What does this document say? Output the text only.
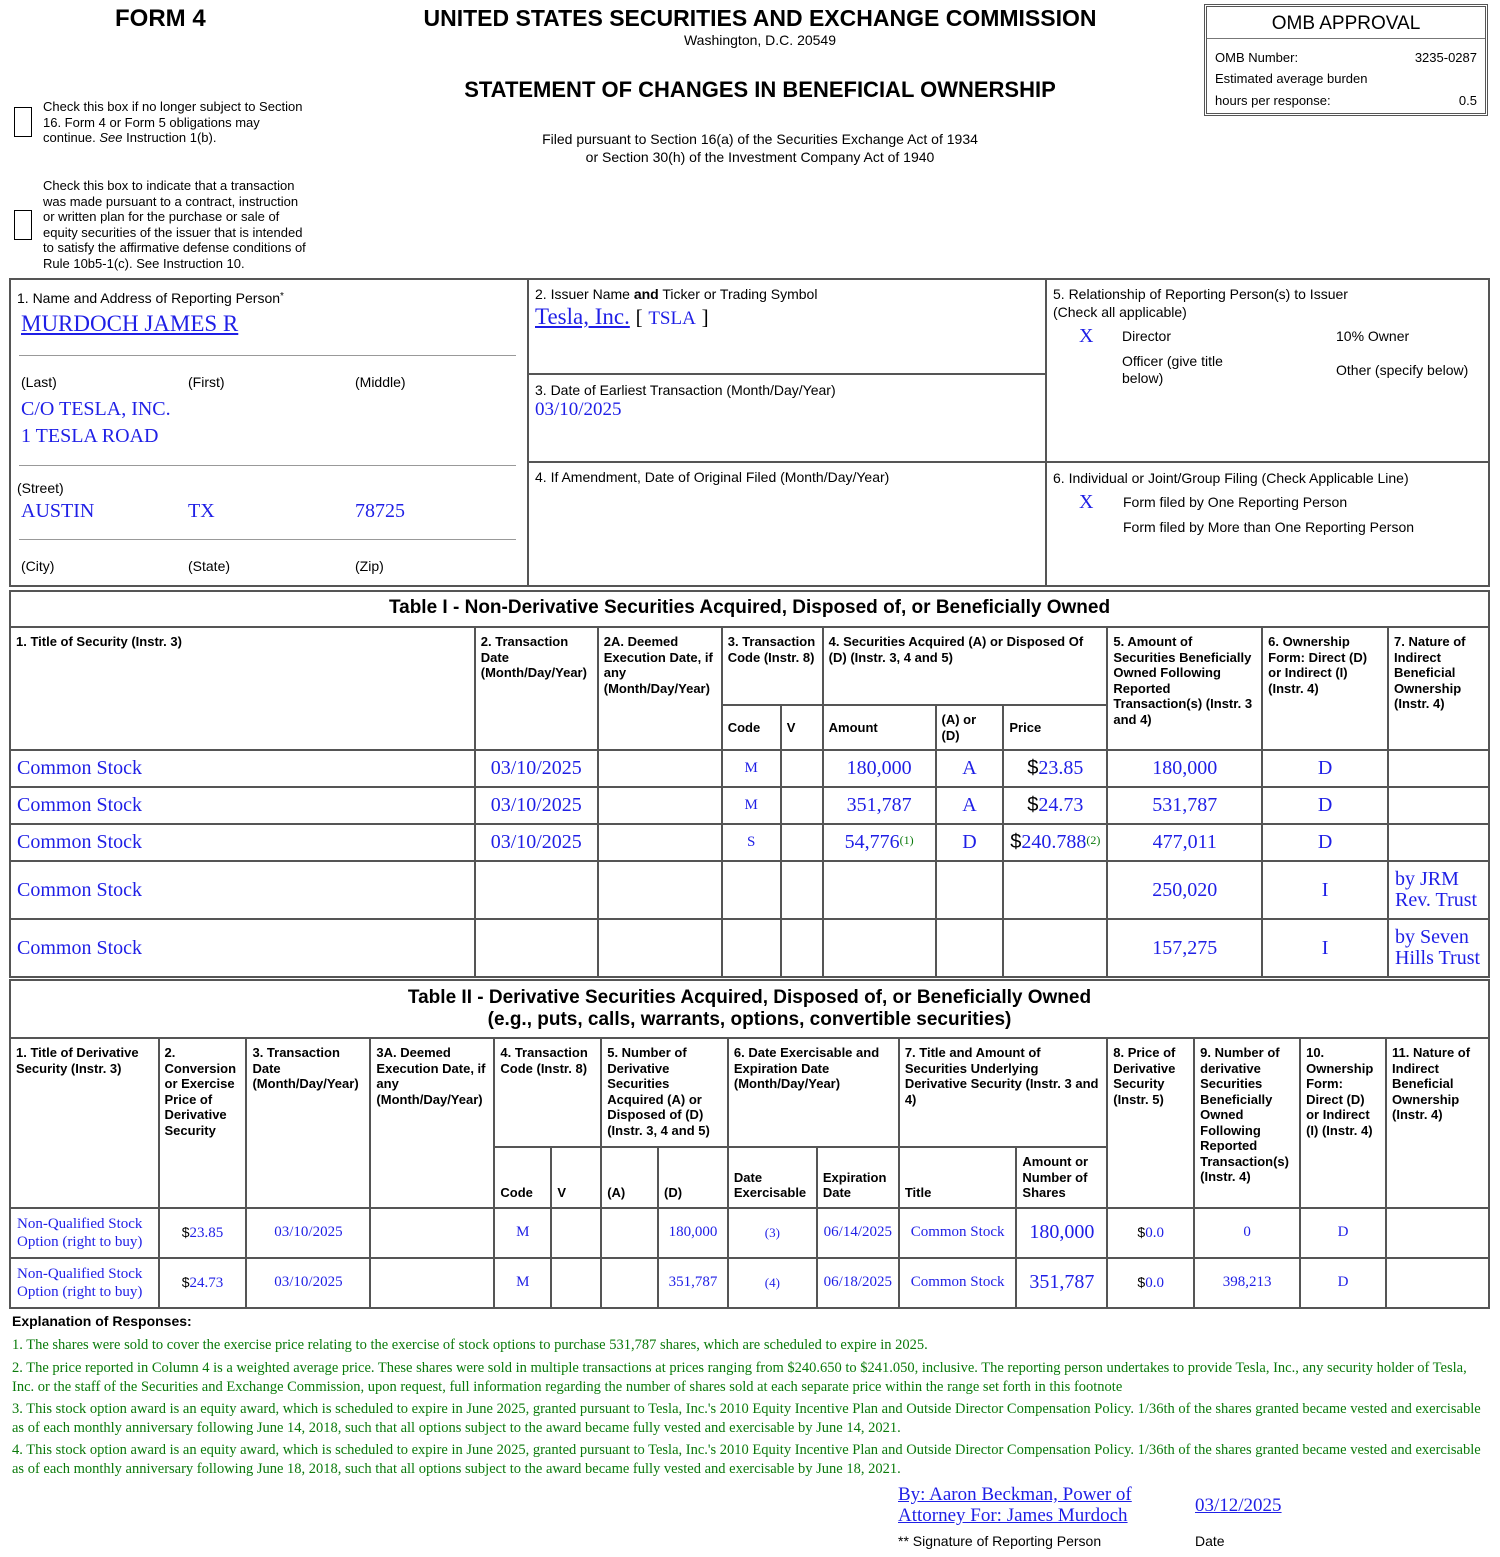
FORM 4	UNITED STATES SECURITIES AND EXCHANGE COMMISSION
Washington, D.C. 20549
STATEMENT OF CHANGES IN BENEFICIAL OWNERSHIP
Filed pursuant to Section 16(a) of the Securities Exchange Act of 1934
or Section 30(h) of the Investment Company Act of 1940
OMB APPROVAL
OMB Number:	3235-0287
Estimated average burden
hours per response:	0.5
Check this box if no longer subject to Section
16. Form 4 or Form 5 obligations may
continue. See Instruction 1(b).
Check this box to indicate that a transaction
was made pursuant to a contract, instruction
or written plan for the purchase or sale of
equity securities of the issuer that is intended
to satisfy the affirmative defense conditions of
Rule 10b5-1(c). See Instruction 10.
1. Name and Address of Reporting Person*
MURDOCH JAMES R
(Last)	(First)	(Middle)
C/O TESLA, INC.
1 TESLA ROAD
(Street)
AUSTIN	TX	78725
(City)	(State)	(Zip)
2. Issuer Name and Ticker or Trading Symbol
Tesla, Inc. [ TSLA ]
3. Date of Earliest Transaction (Month/Day/Year)
03/10/2025
4. If Amendment, Date of Original Filed (Month/Day/Year)
5. Relationship of Reporting Person(s) to Issuer
(Check all applicable)
X Director	10% Owner
Officer (give title
below)	Other (specify below)
6. Individual or Joint/Group Filing (Check Applicable Line)
X Form filed by One Reporting Person
Form filed by More than One Reporting Person
Table I - Non-Derivative Securities Acquired, Disposed of, or Beneficially Owned										
1. Title of Security (Instr. 3)	2. Transaction Date (Month/Day/Year)	2A. Deemed Execution Date, if any (Month/Day/Year)	3. Transaction Code (Instr. 8)		4. Securities Acquired (A) or Disposed Of (D) (Instr. 3, 4 and 5)			5. Amount of Securities Beneficially Owned Following Reported Transaction(s) (Instr. 3 and 4)	6. Ownership Form: Direct (D) or Indirect (I) (Instr. 4)	7. Nature of Indirect Beneficial Ownership (Instr. 4)
			Code	V	Amount	(A) or (D)	Price			
Common Stock	03/10/2025		M		180,000	A	$23.85	180,000	D	
Common Stock	03/10/2025		M		351,787	A	$24.73	531,787	D	
Common Stock	03/10/2025		S		54,776$^{(1)}$	D	$240.788$^{(2)}$	477,011	D	
Common Stock								250,020	I	by JRM Rev. Trust
Common Stock								157,275	I	by Seven Hills Trust
Table II - Derivative Securities Acquired, Disposed of, or Beneficially Owned
(e.g., puts, calls, warrants, options, convertible securities)															

1. Title of Derivative Security (Instr. 3)	2. Conversion or Exercise Price of Derivative Security	3. Transaction Date (Month/Day/Year)	3A. Deemed Execution Date, if any (Month/Day/Year)	4. Transaction Code (Instr. 8)		5. Number of Derivative Securities Acquired (A) or Disposed of (D) (Instr. 3, 4 and 5)		6. Date Exercisable and Expiration Date (Month/Day/Year)		7. Title and Amount of Securities Underlying Derivative Security (Instr. 3 and 4)		8. Price of Derivative Security (Instr. 5)	9. Number of derivative Securities Beneficially Owned Following Reported Transaction(s) (Instr. 4)	10. Ownership Form: Direct (D) or Indirect (I) (Instr. 4)	11. Nature of Indirect Beneficial Ownership (Instr. 4)
				Code	V	(A)	(D)	Date Exercisable	Expiration Date	Title	Amount or Number of Shares				
Non-Qualified Stock Option (right to buy)	$23.85	03/10/2025		M			180,000	(3)	06/14/2025	Common Stock	180,000	$0.0	0	D	
Non-Qualified Stock Option (right to buy)	$24.73	03/10/2025		M			351,787	(4)	06/18/2025	Common Stock	351,787	$0.0	398,213	D	
Explanation of Responses:
1. The shares were sold to cover the exercise price relating to the exercise of stock options to purchase 531,787 shares, which are scheduled to expire in 2025.
2. The price reported in Column 4 is a weighted average price. These shares were sold in multiple transactions at prices ranging from $240.650 to $241.050, inclusive. The reporting person undertakes to provide Tesla, Inc., any security holder of Tesla, Inc. or the staff of the Securities and Exchange Commission, upon request, full information regarding the number of shares sold at each separate price within the range set forth in this footnote
3. This stock option award is an equity award, which is scheduled to expire in June 2025, granted pursuant to Tesla, Inc.'s 2010 Equity Incentive Plan and Outside Director Compensation Policy. 1/36th of the shares granted became vested and exercisable as of each monthly anniversary following June 14, 2018, such that all options subject to the award became fully vested and exercisable by June 14, 2021.
4. This stock option award is an equity award, which is scheduled to expire in June 2025, granted pursuant to Tesla, Inc.'s 2010 Equity Incentive Plan and Outside Director Compensation Policy. 1/36th of the shares granted became vested and exercisable as of each monthly anniversary following June 18, 2018, such that all options subject to the award became fully vested and exercisable by June 18, 2021.
By: Aaron Beckman, Power of
Attorney For: James Murdoch	03/12/2025
** Signature of Reporting Person	Date
